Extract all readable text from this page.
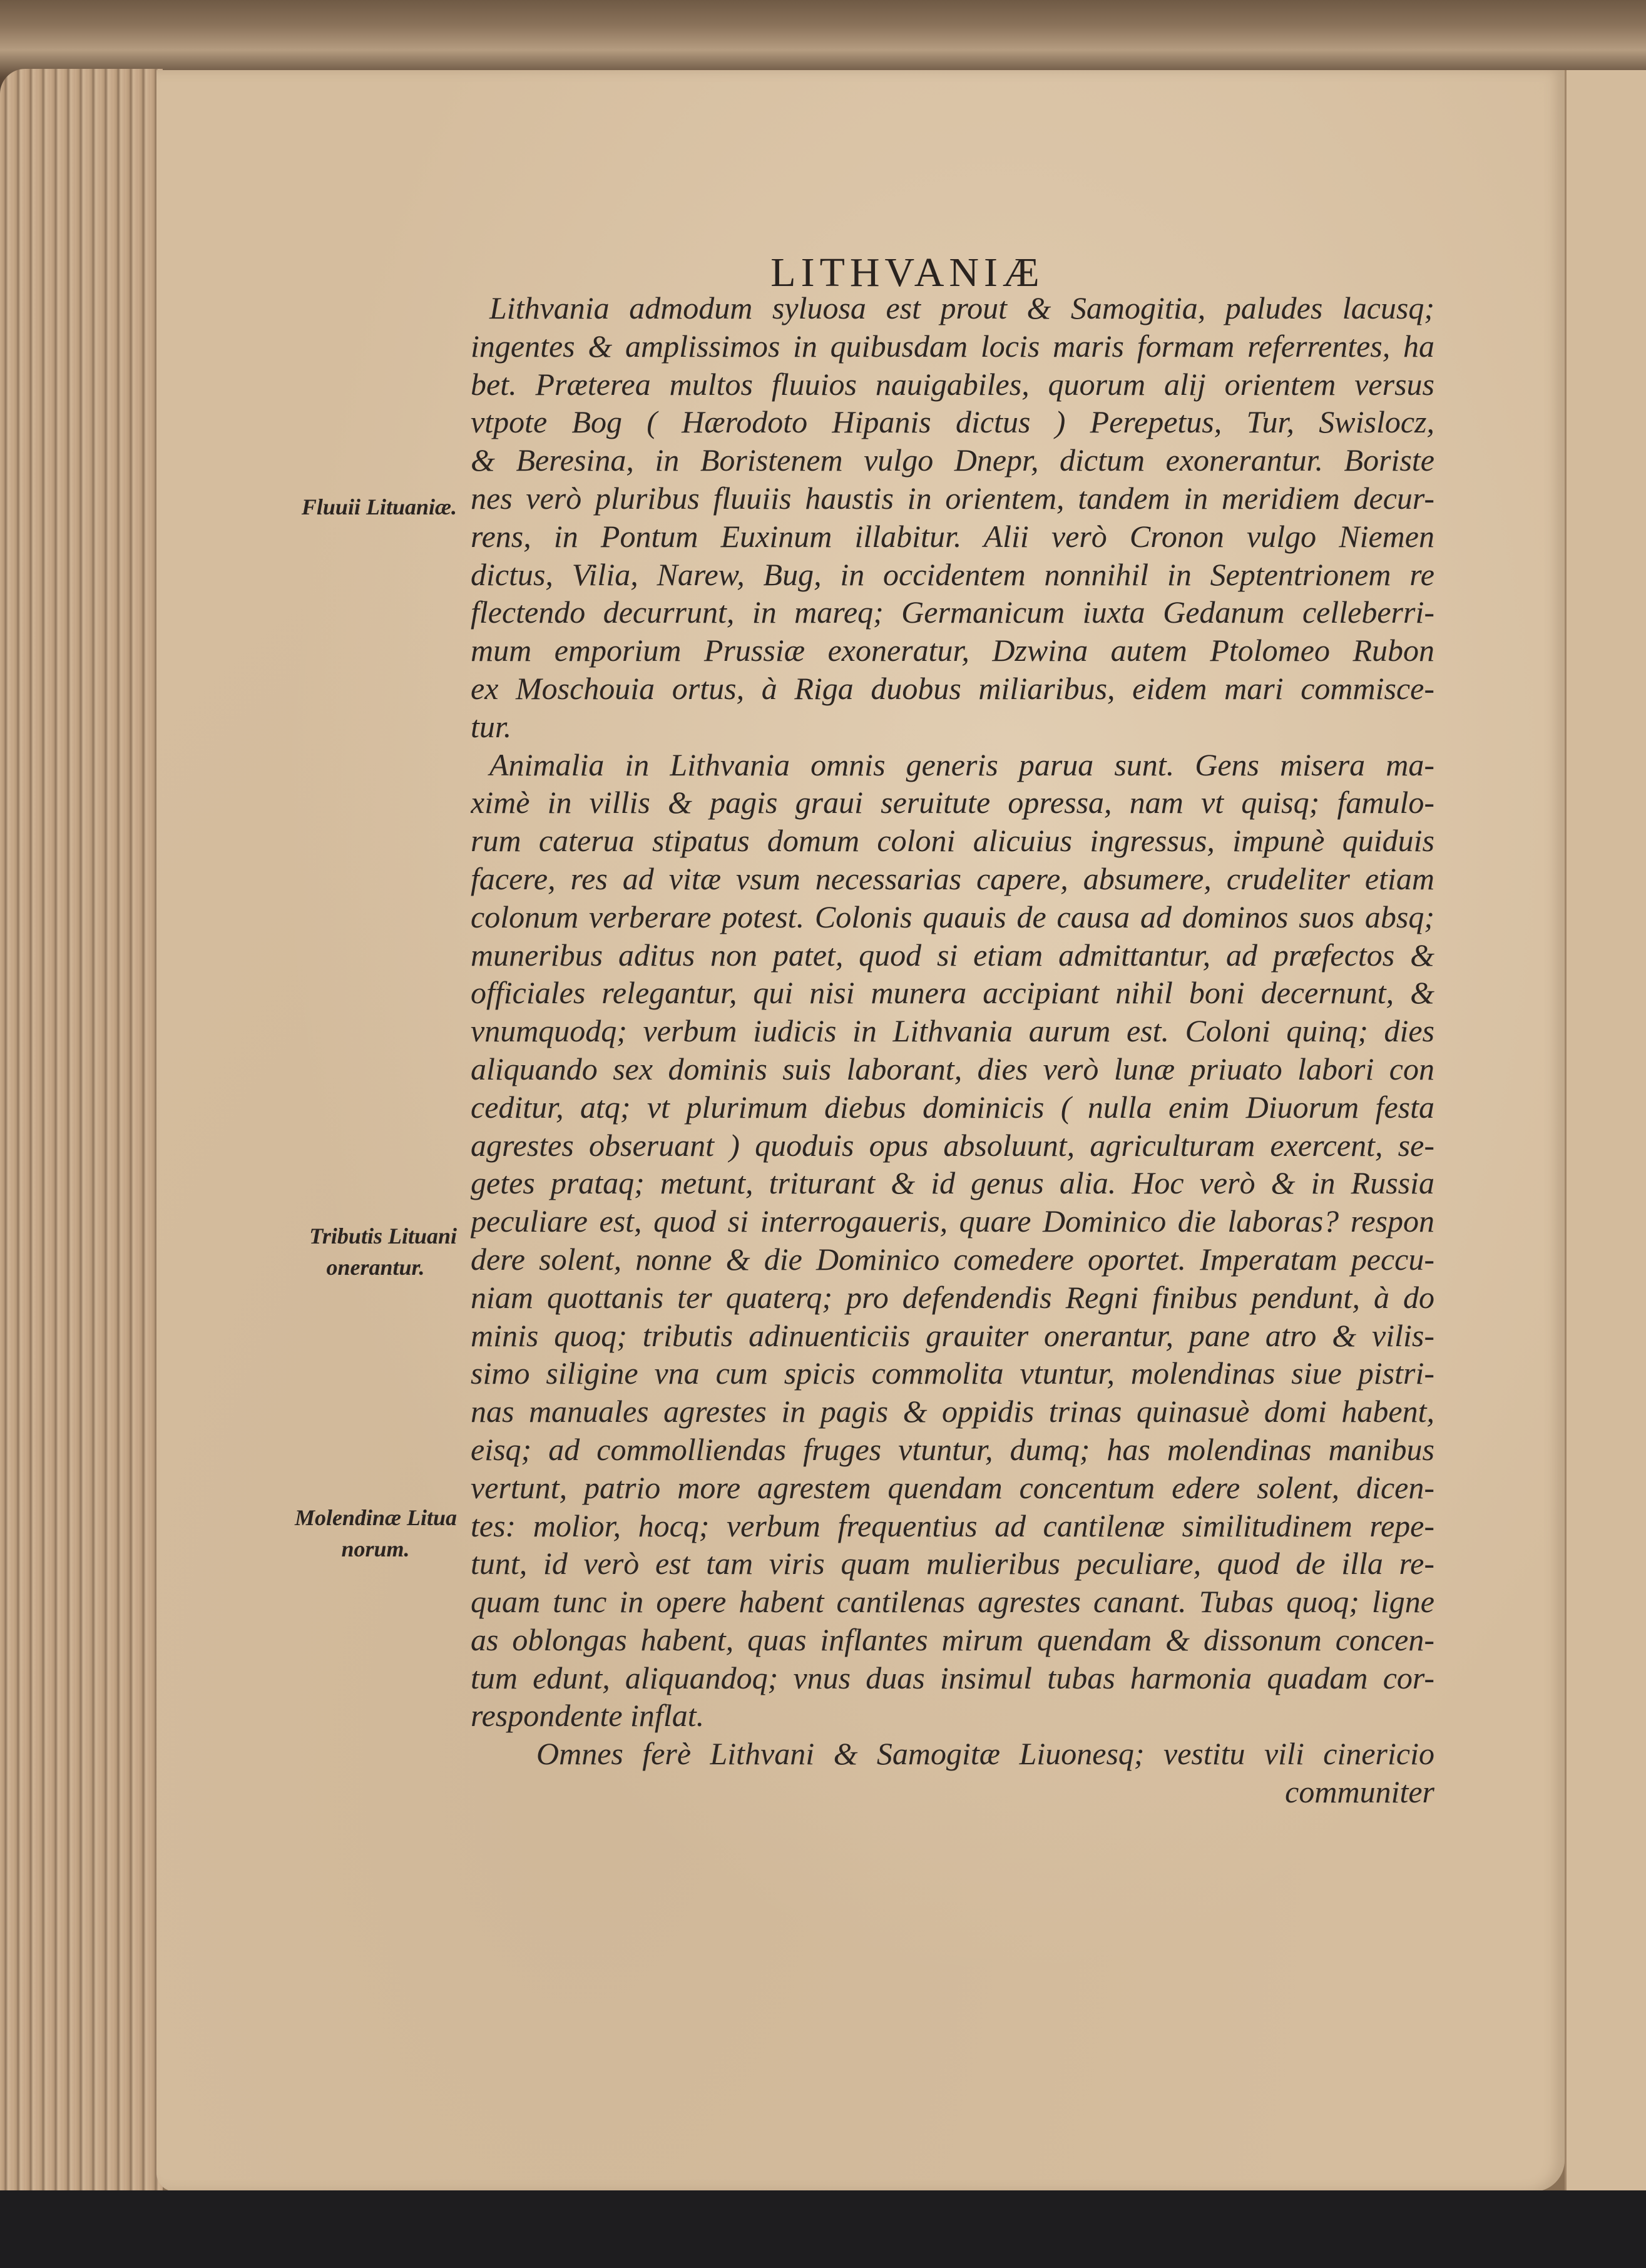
LITHVANIÆ
Fluuii Lituaniæ.
Tributis Lituani
onerantur.
Molendinæ Litua
norum.
Lithvania admodum syluosa est prout & Samogitia, paludes lacusq;
ingentes & amplissimos in quibusdam locis maris formam referrentes, ha
bet. Præterea multos fluuios nauigabiles, quorum alij orientem versus
vtpote Bog ( Hærodoto Hipanis dictus ) Perepetus, Tur, Swislocz,
& Beresina, in Boristenem vulgo Dnepr, dictum exonerantur. Boriste
nes verò pluribus fluuiis haustis in orientem, tandem in meridiem decur-
rens, in Pontum Euxinum illabitur. Alii verò Cronon vulgo Niemen
dictus, Vilia, Narew, Bug, in occidentem nonnihil in Septentrionem re
flectendo decurrunt, in mareq; Germanicum iuxta Gedanum celleberri-
mum emporium Prussiæ exoneratur, Dzwina autem Ptolomeo Rubon
ex Moschouia ortus, à Riga duobus miliaribus, eidem mari commisce-
tur.
Animalia in Lithvania omnis generis parua sunt. Gens misera ma-
ximè in villis & pagis graui seruitute opressa, nam vt quisq; famulo-
rum caterua stipatus domum coloni alicuius ingressus, impunè quiduis
facere, res ad vitæ vsum necessarias capere, absumere, crudeliter etiam
colonum verberare potest. Colonis quauis de causa ad dominos suos absq;
muneribus aditus non patet, quod si etiam admittantur, ad præfectos &
officiales relegantur, qui nisi munera accipiant nihil boni decernunt, &
vnumquodq; verbum iudicis in Lithvania aurum est. Coloni quinq; dies
aliquando sex dominis suis laborant, dies verò lunæ priuato labori con
ceditur, atq; vt plurimum diebus dominicis ( nulla enim Diuorum festa
agrestes obseruant ) quoduis opus absoluunt, agriculturam exercent, se-
getes prataq; metunt, triturant & id genus alia. Hoc verò & in Russia
peculiare est, quod si interrogaueris, quare Dominico die laboras? respon
dere solent, nonne & die Dominico comedere oportet. Imperatam peccu-
niam quottanis ter quaterq; pro defendendis Regni finibus pendunt, à do
minis quoq; tributis adinuenticiis grauiter onerantur, pane atro & vilis-
simo siligine vna cum spicis commolita vtuntur, molendinas siue pistri-
nas manuales agrestes in pagis & oppidis trinas quinasuè domi habent,
eisq; ad commolliendas fruges vtuntur, dumq; has molendinas manibus
vertunt, patrio more agrestem quendam concentum edere solent, dicen-
tes: molior, hocq; verbum frequentius ad cantilenæ similitudinem repe-
tunt, id verò est tam viris quam mulieribus peculiare, quod de illa re-
quam tunc in opere habent cantilenas agrestes canant. Tubas quoq; ligne
as oblongas habent, quas inflantes mirum quendam & dissonum concen-
tum edunt, aliquandoq; vnus duas insimul tubas harmonia quadam cor-
respondente inflat.
Omnes ferè Lithvani & Samogitæ Liuonesq; vestitu vili cinericio
communiter
